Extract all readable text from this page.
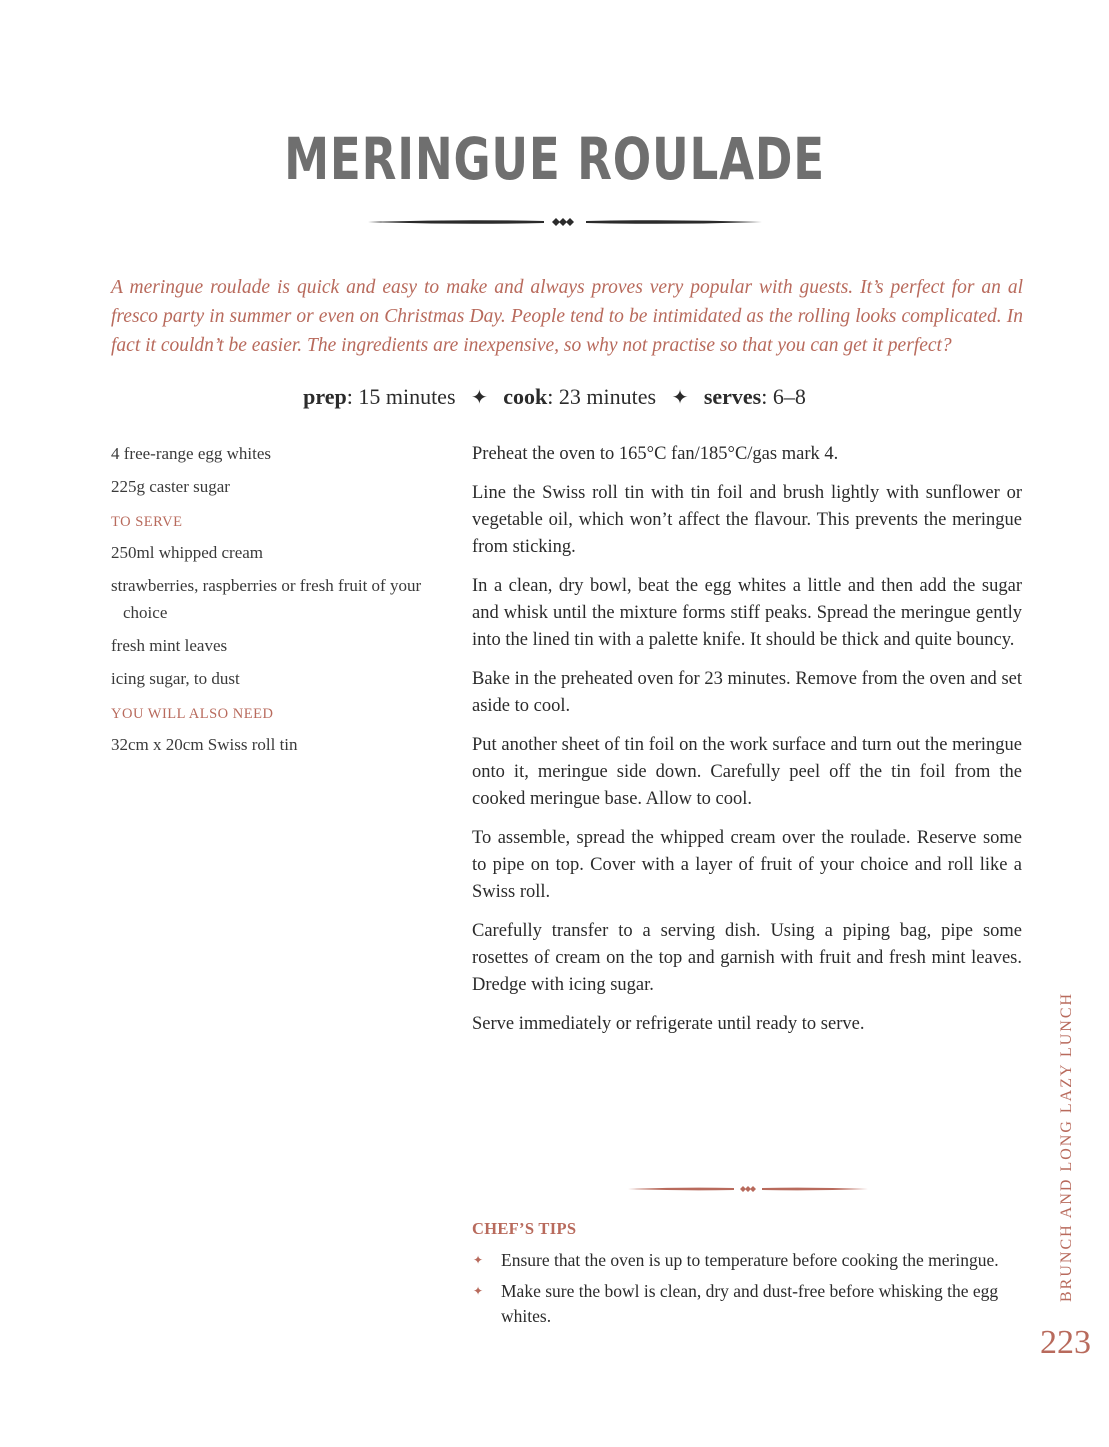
MERINGUE ROULADE
A meringue roulade is quick and easy to make and always proves very popular with guests. It’s perfect for an al fresco party in summer or even on Christmas Day. People tend to be intimidated as the rolling looks complicated. In fact it couldn’t be easier. The ingredients are inexpensive, so why not practise so that you can get it perfect?
prep: 15 minutes ✦ cook: 23 minutes ✦ serves: 6–8
4 free-range egg whites
225g caster sugar
TO SERVE
250ml whipped cream
strawberries, raspberries or fresh fruit of your choice
fresh mint leaves
icing sugar, to dust
YOU WILL ALSO NEED
32cm x 20cm Swiss roll tin

Preheat the oven to 165°C fan/185°C/gas mark 4.

Line the Swiss roll tin with tin foil and brush lightly with sunflower or vegetable oil, which won’t affect the flavour. This prevents the meringue from sticking.

In a clean, dry bowl, beat the egg whites a little and then add the sugar and whisk until the mixture forms stiff peaks. Spread the meringue gently into the lined tin with a palette knife. It should be thick and quite bouncy.

Bake in the preheated oven for 23 minutes. Remove from the oven and set aside to cool.

Put another sheet of tin foil on the work surface and turn out the meringue onto it, meringue side down. Carefully peel off the tin foil from the cooked meringue base. Allow to cool.

To assemble, spread the whipped cream over the roulade. Reserve some to pipe on top. Cover with a layer of fruit of your choice and roll like a Swiss roll.

Carefully transfer to a serving dish. Using a piping bag, pipe some rosettes of cream on the top and garnish with fruit and fresh mint leaves. Dredge with icing sugar.

Serve immediately or refrigerate until ready to serve.

CHEF’S TIPS
✦ Ensure that the oven is up to temperature before cooking the meringue.
✦ Make sure the bowl is clean, dry and dust-free before whisking the egg whites.
BRUNCH AND LONG LAZY LUNCH
223
